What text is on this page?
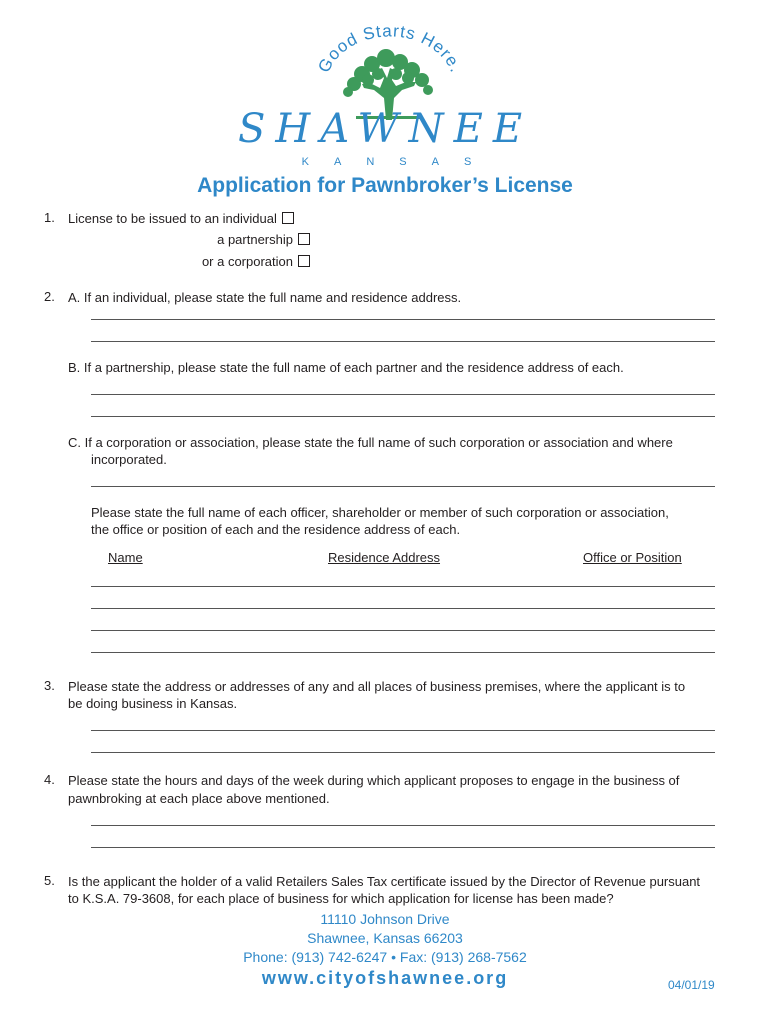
Good Starts Here.
SHAWNEE
KANSAS
Application for Pawnbroker’s License
1.	License to be issued to an individual
a partnership
or a corporation
2.	A. If an individual, please state the full name and residence address.
B. If a partnership, please state the full name of each partner and the residence address of each.
C. If a corporation or association, please state the full name of such corporation or association and where
incorporated.
Please state the full name of each officer, shareholder or member of such corporation or association,
the office or position of each and the residence address of each.
Name	Residence Address	Office or Position
3.	Please state the address or addresses of any and all places of business premises, where the applicant is to
be doing business in Kansas.
4.	Please state the hours and days of the week during which applicant proposes to engage in the business of
pawnbroking at each place above mentioned.
5.	Is the applicant the holder of a valid Retailers Sales Tax certificate issued by the Director of Revenue pursuant
to K.S.A. 79-3608, for each place of business for which application for license has been made?
11110 Johnson Drive
Shawnee, Kansas 66203
Phone: (913) 742-6247 • Fax: (913) 268-7562
www.cityofshawnee.org	04/01/19
